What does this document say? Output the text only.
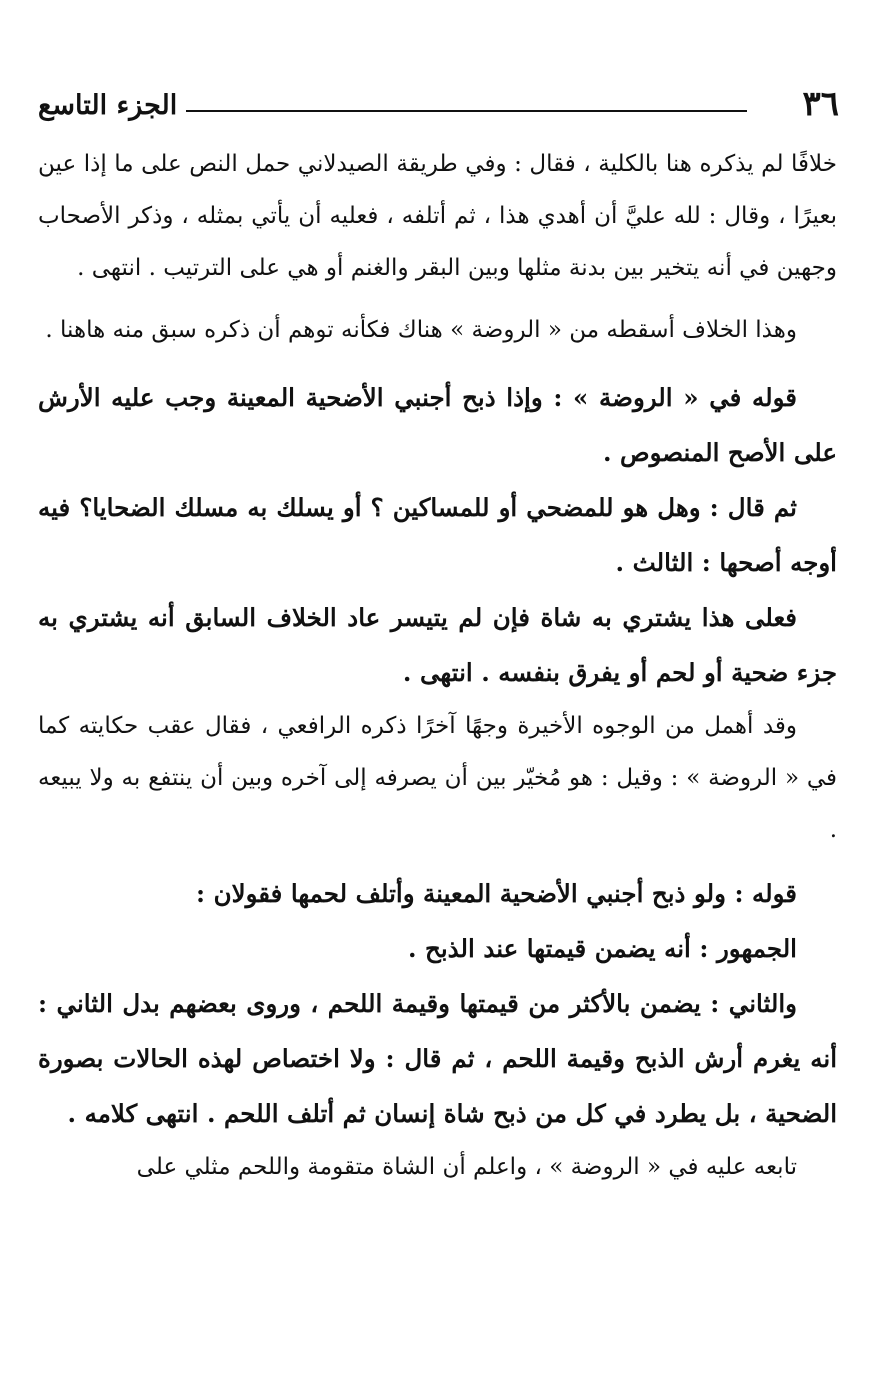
٣٦
الجزء التاسع

خلافًا لم يذكره هنا بالكلية ، فقال : وفي طريقة الصيدلاني حمل النص على ما إذا عين بعيرًا ، وقال : لله عليَّ أن أهدي هذا ، ثم أتلفه ، فعليه أن يأتي بمثله ، وذكر الأصحاب وجهين في أنه يتخير بين بدنة مثلها وبين البقر والغنم أو هي على الترتيب . انتهى .

وهذا الخلاف أسقطه من « الروضة » هناك فكأنه توهم أن ذكره سبق منه هاهنا .

قوله في « الروضة » : وإذا ذبح أجنبي الأضحية المعينة وجب عليه الأرش على الأصح المنصوص .

ثم قال : وهل هو للمضحي أو للمساكين ؟ أو يسلك به مسلك الضحايا؟ فيه أوجه أصحها : الثالث .

فعلى هذا يشتري به شاة فإن لم يتيسر عاد الخلاف السابق أنه يشتري به جزء ضحية أو لحم أو يفرق بنفسه . انتهى .

وقد أهمل من الوجوه الأخيرة وجهًا آخرًا ذكره الرافعي ، فقال عقب حكايته كما في « الروضة » : وقيل : هو مُخيّر بين أن يصرفه إلى آخره وبين أن ينتفع به ولا يبيعه .

قوله : ولو ذبح أجنبي الأضحية المعينة وأتلف لحمها فقولان :

الجمهور : أنه يضمن قيمتها عند الذبح .

والثاني : يضمن بالأكثر من قيمتها وقيمة اللحم ، وروى بعضهم بدل الثاني : أنه يغرم أرش الذبح وقيمة اللحم ، ثم قال : ولا اختصاص لهذه الحالات بصورة الضحية ، بل يطرد في كل من ذبح شاة إنسان ثم أتلف اللحم . انتهى كلامه .

تابعه عليه في « الروضة » ، واعلم أن الشاة متقومة واللحم مثلي على
